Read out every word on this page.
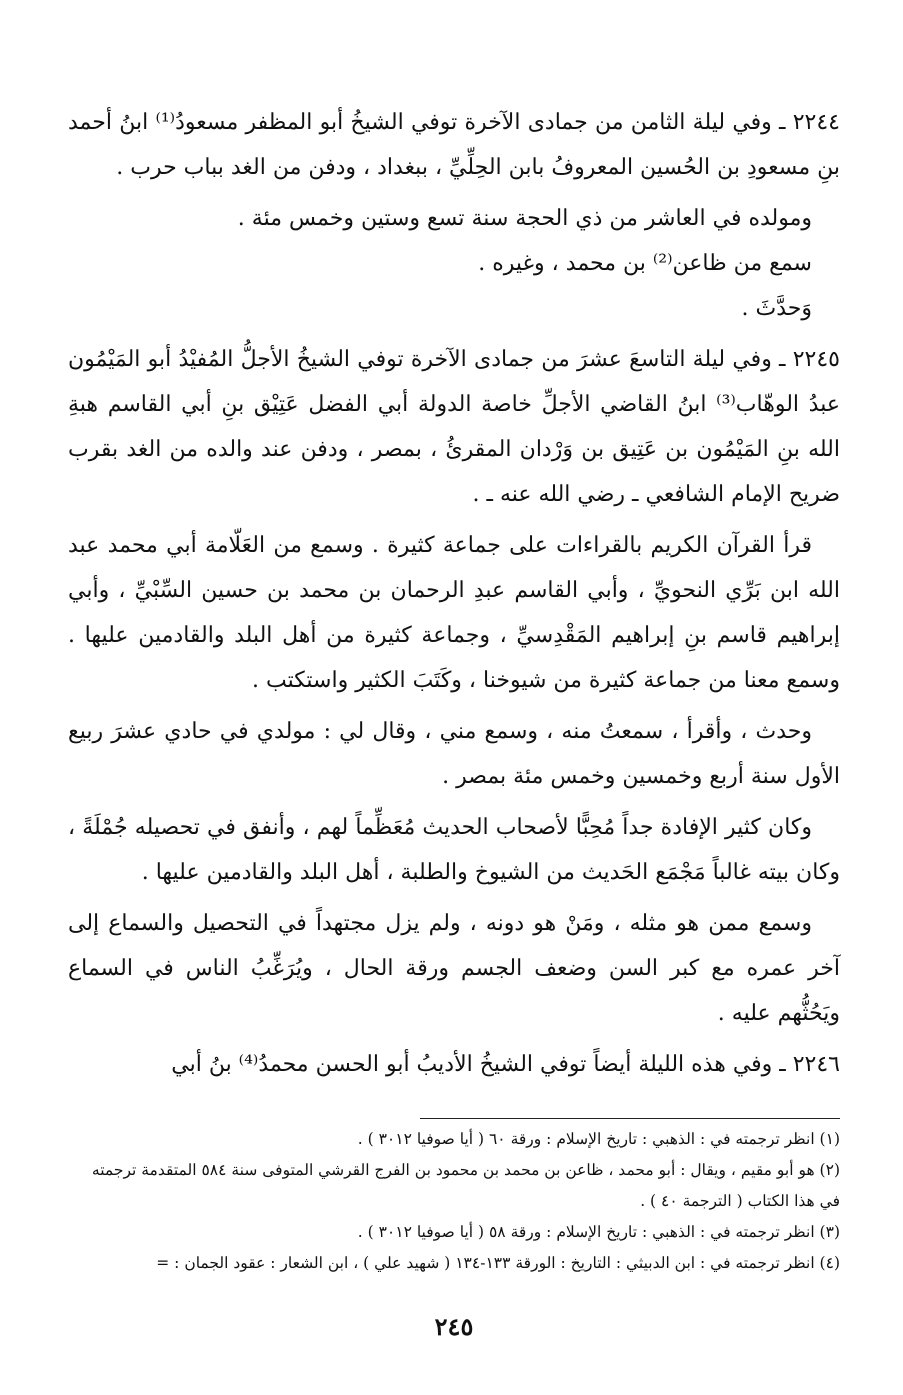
٢٢٤٤ ـ وفي ليلة الثامن من جمادى الآخرة توفي الشيخُ أبو المظفر مسعودُ⁽¹⁾ ابنُ أحمد بنِ مسعودِ بن الحُسين المعروفُ بابن الحِلِّيِّ ، ببغداد ، ودفن من الغد بباب حرب .

ومولده في العاشر من ذي الحجة سنة تسع وستين وخمس مئة .

سمع من ظاعن⁽²⁾ بن محمد ، وغيره .

وَحدَّثَ .

٢٢٤٥ ـ وفي ليلة التاسعَ عشرَ من جمادى الآخرة توفي الشيخُ الأجلُّ المُفيْدُ أبو المَيْمُون عبدُ الوهّاب⁽³⁾ ابنُ القاضي الأجلِّ خاصة الدولة أبي الفضل عَتِيْق بنِ أبي القاسم هبةِ الله بنِ المَيْمُون بن عَتِيق بن وَرْدان المقرئُ ، بمصر ، ودفن عند والده من الغد بقرب ضريح الإمام الشافعي ـ رضي الله عنه ـ .

قرأ القرآن الكريم بالقراءات على جماعة كثيرة . وسمع من العَلّامة أبي محمد عبد الله ابن بَرِّي النحويِّ ، وأبي القاسم عبدِ الرحمان بن محمد بن حسين السِّبْيِّ ، وأبي إبراهيم قاسم بنِ إبراهيم المَقْدِسيِّ ، وجماعة كثيرة من أهل البلد والقادمين عليها . وسمع معنا من جماعة كثيرة من شيوخنا ، وكَتَبَ الكثير واستكتب .

وحدث ، وأقرأ ، سمعتُ منه ، وسمع مني ، وقال لي : مولدي في حادي عشرَ ربيع الأول سنة أربع وخمسين وخمس مئة بمصر .

وكان كثير الإفادة جداً مُحِبًّا لأصحاب الحديث مُعَظِّماً لهم ، وأنفق في تحصيله جُمْلَةً ، وكان بيته غالباً مَجْمَع الحَديث من الشيوخ والطلبة ، أهل البلد والقادمين عليها .

وسمع ممن هو مثله ، ومَنْ هو دونه ، ولم يزل مجتهداً في التحصيل والسماع إلى آخر عمره مع كبر السن وضعف الجسم ورقة الحال ، ويُرَغِّبُ الناس في السماع ويَحُثُّهم عليه .

٢٢٤٦ ـ وفي هذه الليلة أيضاً توفي الشيخُ الأديبُ أبو الحسن محمدُ⁽⁴⁾ بنُ أبي

(١) انظر ترجمته في : الذهبي : تاريخ الإسلام : ورقة ٦٠ ( أيا صوفيا ٣٠١٢ ) .

(٢) هو أبو مقيم ، ويقال : أبو محمد ، ظاعن بن محمد بن محمود بن الفرج القرشي المتوفى سنة ٥٨٤ المتقدمة ترجمته في هذا الكتاب ( الترجمة ٤٠ ) .

(٣) انظر ترجمته في : الذهبي : تاريخ الإسلام : ورقة ٥٨ ( أيا صوفيا ٣٠١٢ ) .

(٤) انظر ترجمته في : ابن الدبيثي : التاريخ : الورقة ١٣٣-١٣٤ ( شهيد علي ) ، ابن الشعار : عقود الجمان : =

٢٤٥
